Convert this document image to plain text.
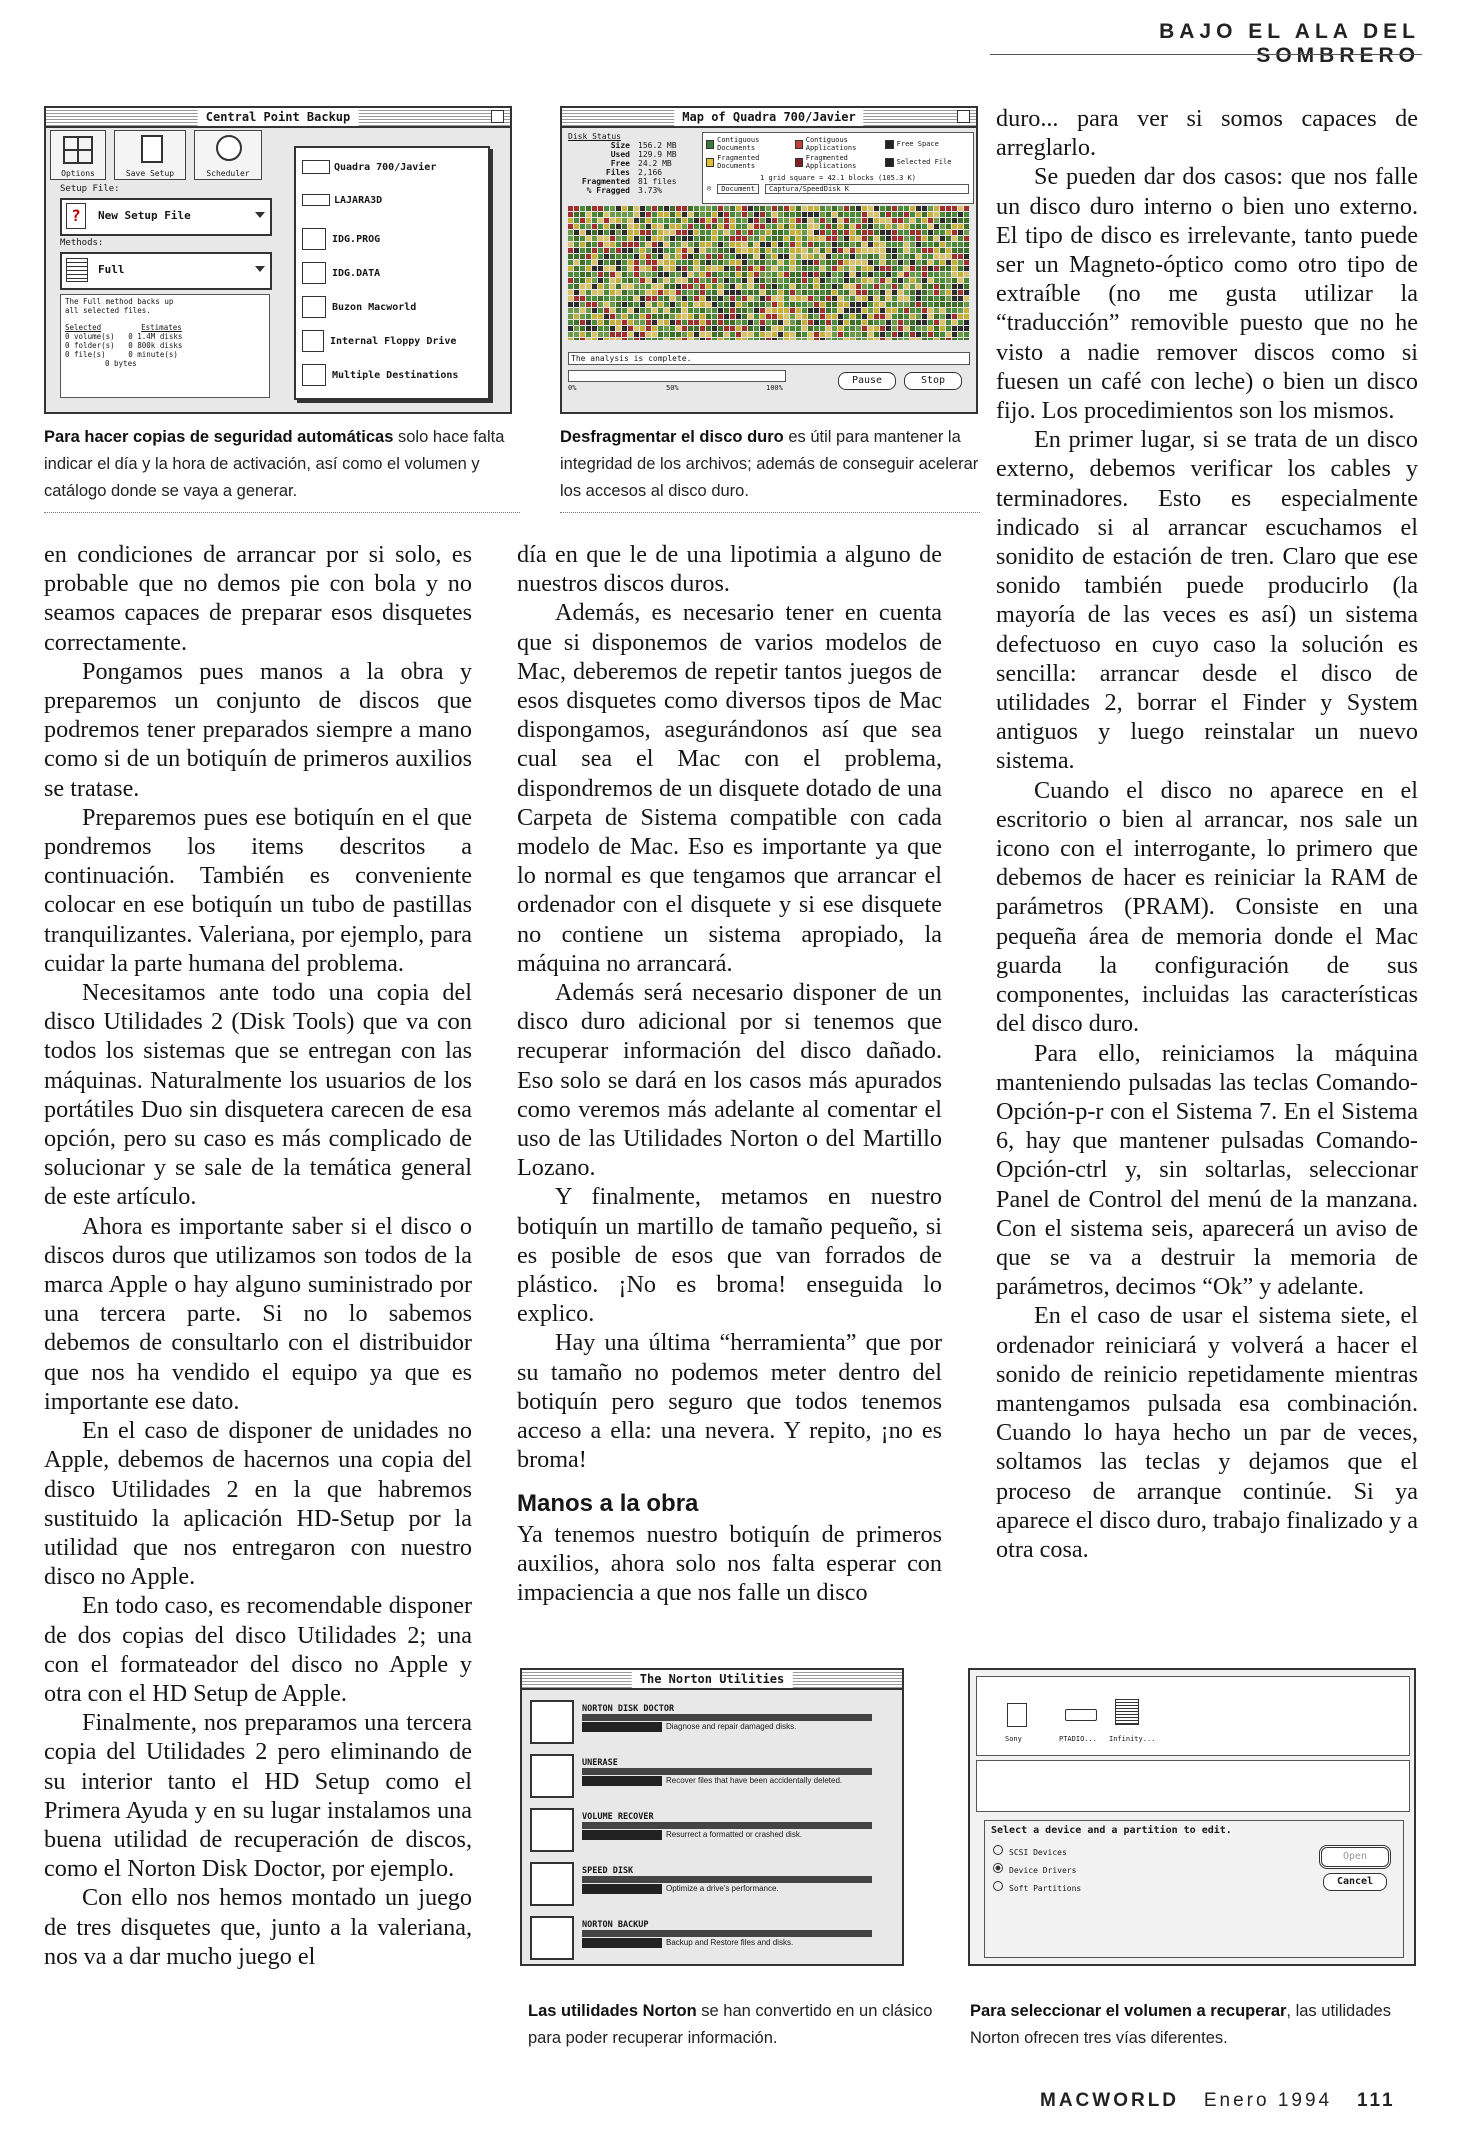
BAJO EL ALA DEL SOMBRERO
Central Point Backup
Options	Save Setup	Scheduler
Setup File:
?	New Setup File
Methods:
Full
The Full method backs up all selected files.
Selected	Estimates
0 volume(s)   0 1.4M disks
0 folder(s)   0 800k disks
0 file(s)     0 minute(s)
0 bytes
Quadra 700/Javier
LAJARA3D
IDG.PROG
IDG.DATA
Buzon Macworld
Internal Floppy Drive
Multiple Destinations
Para hacer copias de seguridad automáticas solo hace falta indicar el día y la hora de activación, así como el volumen y catálogo donde se vaya a generar.
Map of Quadra 700/Javier
Disk Status
Size 156.2 MB
Used 129.9 MB
Free 24.2 MB
Files 2,166
Fragmented 81 files
% Fragged 3.73%
Contiguous Documents
Contiguous Applications	Free Space
Fragmented Documents
Fragmented Applications	Selected File
1 grid square = 42.1 blocks (105.3 K)
◎	Document	Captura/SpeedDisk K
The analysis is complete.
0%	50%	100%
Pause	Stop
Desfragmentar el disco duro es útil para mantener la integridad de los archivos; además de conseguir acelerar los accesos al disco duro.

en condiciones de arrancar por si solo, es probable que no demos pie con bola y no seamos capaces de preparar esos disquetes correctamente.

Pongamos pues manos a la obra y preparemos un conjunto de discos que podremos tener preparados siempre a mano como si de un botiquín de primeros auxilios se tratase.

Preparemos pues ese botiquín en el que pondremos los items descritos a continuación. También es conveniente colocar en ese botiquín un tubo de pastillas tranquilizantes. Valeriana, por ejemplo, para cuidar la parte humana del problema.

Necesitamos ante todo una copia del disco Utilidades 2 (Disk Tools) que va con todos los sistemas que se entregan con las máquinas. Naturalmente los usuarios de los portátiles Duo sin disquetera carecen de esa opción, pero su caso es más complicado de solucionar y se sale de la temática general de este artículo.

Ahora es importante saber si el disco o discos duros que utilizamos son todos de la marca Apple o hay alguno suministrado por una tercera parte. Si no lo sabemos debemos de consultarlo con el distribuidor que nos ha vendido el equipo ya que es importante ese dato.

En el caso de disponer de unidades no Apple, debemos de hacernos una copia del disco Utilidades 2 en la que habremos sustituido la aplicación HD-Setup por la utilidad que nos entregaron con nuestro disco no Apple.

En todo caso, es recomendable disponer de dos copias del disco Utilidades 2; una con el formateador del disco no Apple y otra con el HD Setup de Apple.

Finalmente, nos preparamos una tercera copia del Utilidades 2 pero eliminando de su interior tanto el HD Setup como el Primera Ayuda y en su lugar instalamos una buena utilidad de recuperación de discos, como el Norton Disk Doctor, por ejemplo.

Con ello nos hemos montado un juego de tres disquetes que, junto a la valeriana, nos va a dar mucho juego el

día en que le de una lipotimia a alguno de nuestros discos duros.

Además, es necesario tener en cuenta que si disponemos de varios modelos de Mac, deberemos de repetir tantos juegos de esos disquetes como diversos tipos de Mac dispongamos, asegurándonos así que sea cual sea el Mac con el problema, dispondremos de un disquete dotado de una Carpeta de Sistema compatible con cada modelo de Mac. Eso es importante ya que lo normal es que tengamos que arrancar el ordenador con el disquete y si ese disquete no contiene un sistema apropiado, la máquina no arrancará.

Además será necesario disponer de un disco duro adicional por si tenemos que recuperar información del disco dañado. Eso solo se dará en los casos más apurados como veremos más adelante al comentar el uso de las Utilidades Norton o del Martillo Lozano.

Y finalmente, metamos en nuestro botiquín un martillo de tamaño pequeño, si es posible de esos que van forrados de plástico. ¡No es broma! enseguida lo explico.

Hay una última “herramienta” que por su tamaño no podemos meter dentro del botiquín pero seguro que todos tenemos acceso a ella: una nevera. Y repito, ¡no es broma!

Manos a la obra

Ya tenemos nuestro botiquín de primeros auxilios, ahora solo nos falta esperar con impaciencia a que nos falle un disco

duro... para ver si somos capaces de arreglarlo.

Se pueden dar dos casos: que nos falle un disco duro interno o bien uno externo. El tipo de disco es irrelevante, tanto puede ser un Magneto-óptico como otro tipo de extraíble (no me gusta utilizar la “traducción” removible puesto que no he visto a nadie remover discos como si fuesen un café con leche) o bien un disco fijo. Los procedimientos son los mismos.

En primer lugar, si se trata de un disco externo, debemos verificar los cables y terminadores. Esto es especialmente indicado si al arrancar escuchamos el sonidito de estación de tren. Claro que ese sonido también puede producirlo (la mayoría de las veces es así) un sistema defectuoso en cuyo caso la solución es sencilla: arrancar desde el disco de utilidades 2, borrar el Finder y System antiguos y luego reinstalar un nuevo sistema.

Cuando el disco no aparece en el escritorio o bien al arrancar, nos sale un icono con el interrogante, lo primero que debemos de hacer es reiniciar la RAM de parámetros (PRAM). Consiste en una pequeña área de memoria donde el Mac guarda la configuración de sus componentes, incluidas las características del disco duro.

Para ello, reiniciamos la máquina manteniendo pulsadas las teclas Comando-Opción-p-r con el Sistema 7. En el Sistema 6, hay que mantener pulsadas Comando-Opción-ctrl y, sin soltarlas, seleccionar Panel de Control del menú de la manzana. Con el sistema seis, aparecerá un aviso de que se va a destruir la memoria de parámetros, decimos “Ok” y adelante.

En el caso de usar el sistema siete, el ordenador reiniciará y volverá a hacer el sonido de reinicio repetidamente mientras mantengamos pulsada esa combinación. Cuando lo haya hecho un par de veces, soltamos las teclas y dejamos que el proceso de arranque continúe. Si ya aparece el disco duro, trabajo finalizado y a otra cosa.

The Norton Utilities
NORTON DISK DOCTOR
Diagnose and repair damaged disks.
UNERASE
Recover files that have been accidentally deleted.
VOLUME RECOVER
Resurrect a formatted or crashed disk.
SPEED DISK
Optimize a drive's performance.
NORTON BACKUP
Backup and Restore files and disks.
Las utilidades Norton se han convertido en un clásico para poder recuperar información.
Sony	PTADIO... Infinity...
Select a device and a partition to edit.
SCSI Devices
Device Drivers
Soft Partitions
Open
Cancel
Para seleccionar el volumen a recuperar, las utilidades Norton ofrecen tres vías diferentes.
MACWORLD Enero 1994 111
